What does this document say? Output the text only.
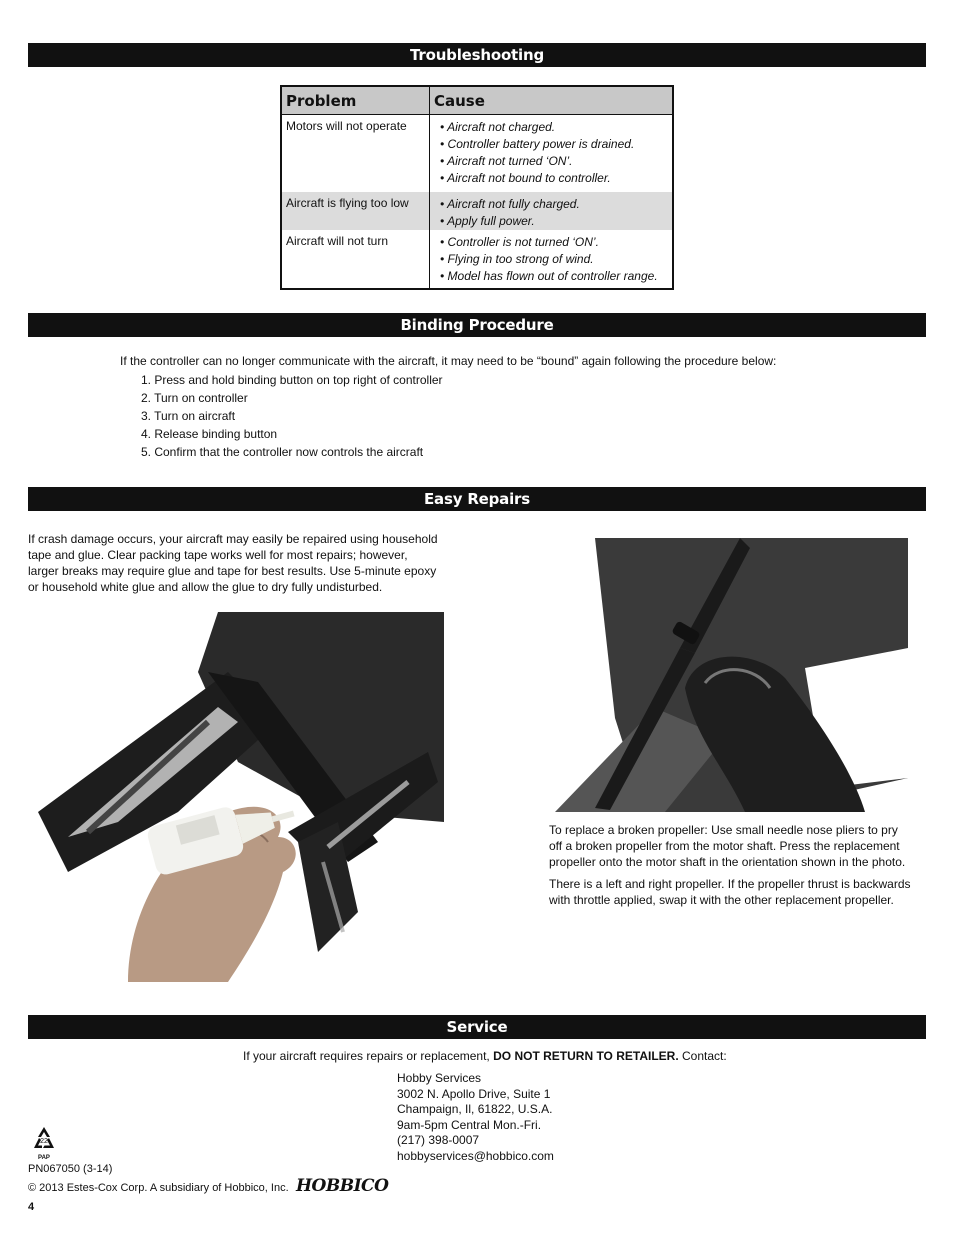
Troubleshooting
Problem	Cause
Motors will not operate	• Aircraft not charged.
• Controller battery power is drained.
• Aircraft not turned ‘ON’.
• Aircraft not bound to controller.
Aircraft is flying too low	• Aircraft not fully charged.
• Apply full power.
Aircraft will not turn	• Controller is not turned ‘ON’.
• Flying in too strong of wind.
• Model has flown out of controller range.
Binding Procedure
If the controller can no longer communicate with the aircraft, it may need to be “bound” again following the procedure below:
1. Press and hold binding button on top right of controller
2. Turn on controller
3. Turn on aircraft
4. Release binding button
5. Confirm that the controller now controls the aircraft
Easy Repairs
If crash damage occurs, your aircraft may easily be repaired using household
tape and glue. Clear packing tape works well for most repairs; however,
larger breaks may require glue and tape for best results. Use 5-minute epoxy
or household white glue and allow the glue to dry fully undisturbed.
To replace a broken propeller: Use small needle nose pliers to pry
off a broken propeller from the motor shaft. Press the replacement
propeller onto the motor shaft in the orientation shown in the photo.
There is a left and right propeller. If the propeller thrust is backwards
with throttle applied, swap it with the other replacement propeller.
Service
If your aircraft requires repairs or replacement, DO NOT RETURN TO RETAILER. Contact:
Hobby Services
3002 N. Apollo Drive, Suite 1
Champaign, Il, 61822, U.S.A.
9am-5pm Central Mon.-Fri.
(217) 398-0007
hobbyservices@hobbico.com
22
PAP
PN067050 (3-14)
© 2013 Estes-Cox Corp. A subsidiary of Hobbico, Inc. HOBBICO
4
